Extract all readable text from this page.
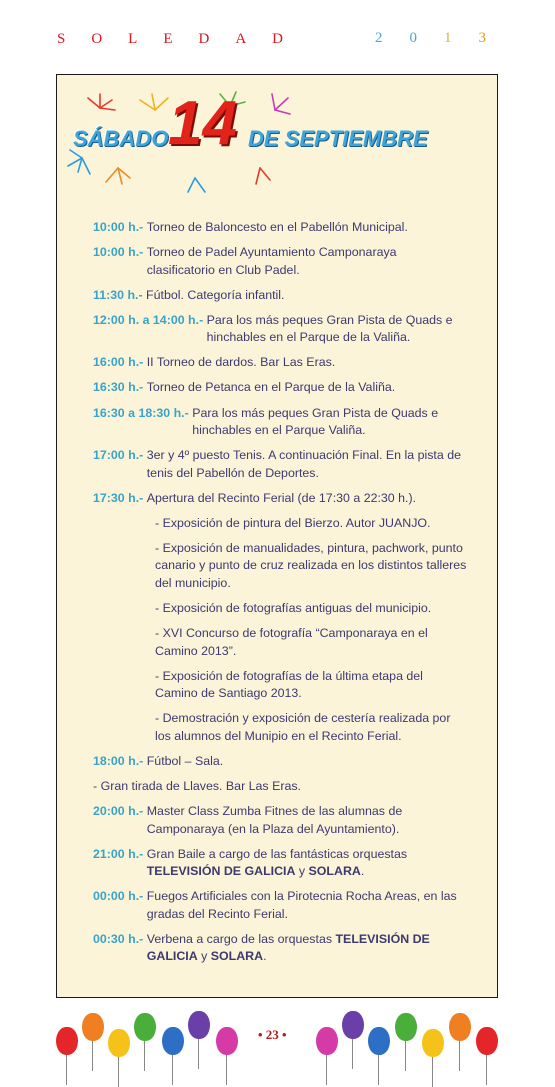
SOLEDAD	2013
SÁBADO 14 DE SEPTIEMBRE
10:00 h.-
Torneo de Baloncesto en el Pabellón Municipal.
10:00 h.-
Torneo de Padel Ayuntamiento Camponaraya clasificatorio en Club Padel.
11:30 h.-
Fútbol. Categoría infantil.
12:00 h. a 14:00 h.-
Para los más peques Gran Pista de Quads e hinchables en el Parque de la Valiña.
16:00 h.-
II Torneo de dardos. Bar Las Eras.
16:30 h.-
Torneo de Petanca en el Parque de la Valiña.
16:30 a 18:30 h.-
Para los más peques Gran Pista de Quads e hinchables en el Parque Valiña.
17:00 h.-
3er y 4º puesto Tenis. A continuación Final. En la pista de tenis del Pabellón de Deportes.
17:30 h.-
Apertura del Recinto Ferial (de 17:30 a 22:30 h.).
- Exposición de pintura del Bierzo. Autor JUANJO.
- Exposición de manualidades, pintura, pachwork, punto canario y punto de cruz realizada en los distintos talleres del municipio.
- Exposición de fotografías antiguas del municipio.
- XVI Concurso de fotografía “Camponaraya en el Camino 2013”.
- Exposición de fotografías de la última etapa del Camino de Santiago 2013.
- Demostración y exposición de cestería realizada por los alumnos del Munipio en el Recinto Ferial.
18:00 h.-
Fútbol – Sala.
- Gran tirada de Llaves. Bar Las Eras.
20:00 h.-
Master Class Zumba Fitnes de las alumnas de Camponaraya (en la Plaza del Ayuntamiento).
21:00 h.-
Gran Baile a cargo de las fantásticas orquestas TELEVISIÓN DE GALICIA y SOLARA.
00:00 h.-
Fuegos Artificiales con la Pirotecnia Rocha Areas, en las gradas del Recinto Ferial.
00:30 h.-
Verbena a cargo de las orquestas TELEVISIÓN DE GALICIA y SOLARA.
• 23 •
